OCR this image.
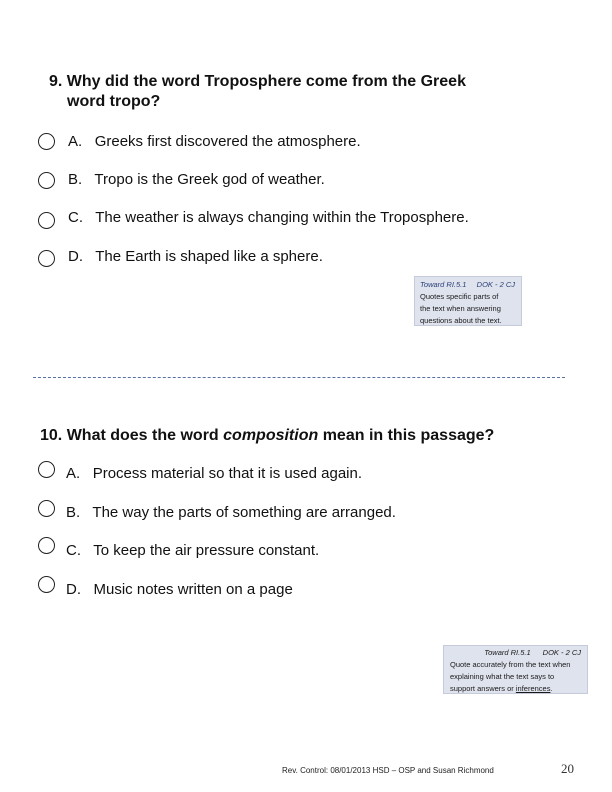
9. Why did the word Troposphere come from the Greek
word tropo?
A. Greeks first discovered the atmosphere.
B. Tropo is the Greek god of weather.
C. The weather is always changing within the Troposphere.
D. The Earth is shaped like a sphere.
Toward RI.5.1 DOK - 2 CJ
Quotes specific parts of
the text when answering
questions about the text.
10. What does the word composition mean in this passage?
A. Process material so that it is used again.
B. The way the parts of something are arranged.
C. To keep the air pressure constant.
D. Music notes written on a page
Toward RI.5.1 DOK - 2 CJ
Quote accurately from the text when
explaining what the text says to
support answers or inferences.
Rev. Control: 08/01/2013 HSD – OSP and Susan Richmond	20
